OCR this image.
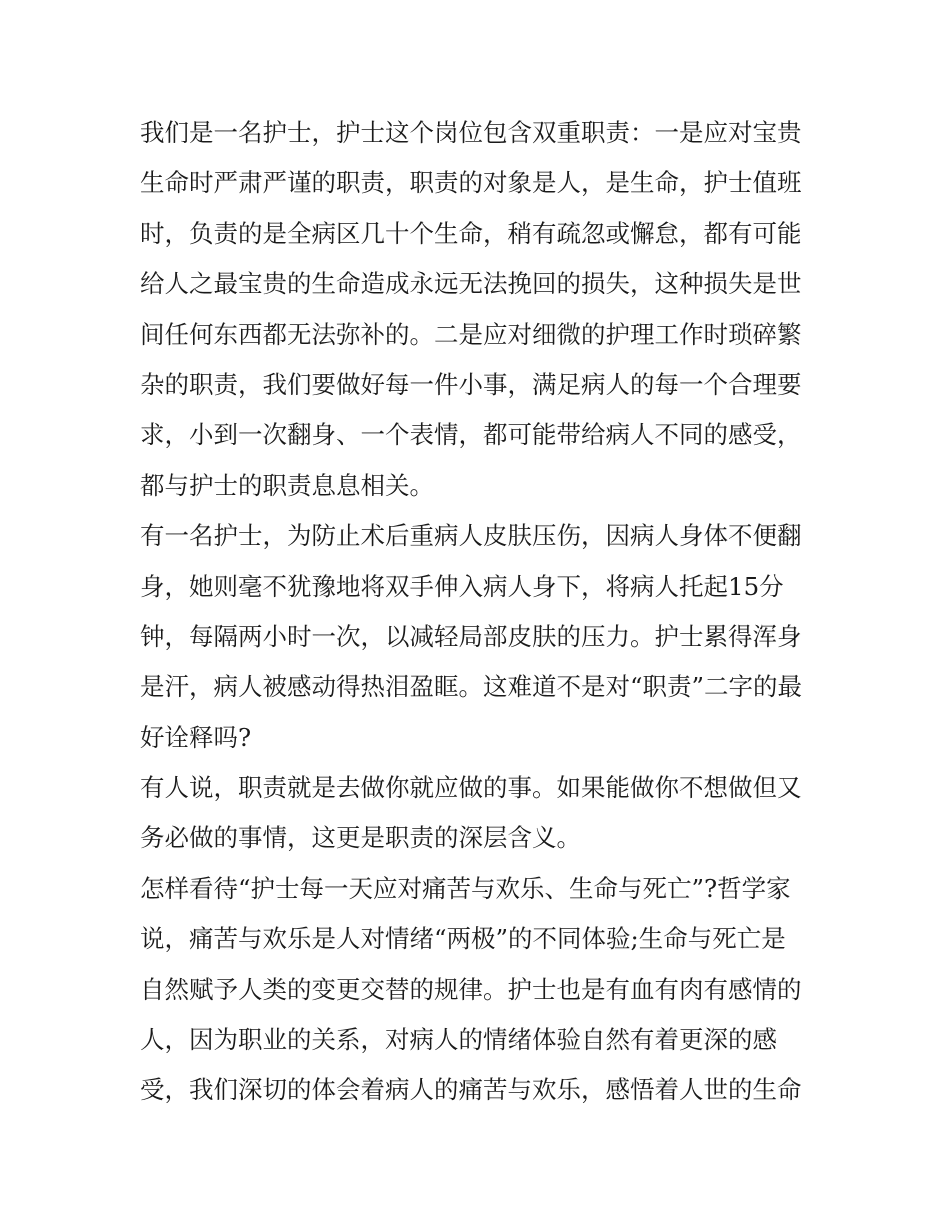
我们是一名护士，护士这个岗位包含双重职责：一是应对宝贵
生命时严肃严谨的职责，职责的对象是人，是生命，护士值班
时，负责的是全病区几十个生命，稍有疏忽或懈怠，都有可能
给人之最宝贵的生命造成永远无法挽回的损失，这种损失是世
间任何东西都无法弥补的。二是应对细微的护理工作时琐碎繁
杂的职责，我们要做好每一件小事，满足病人的每一个合理要
求，小到一次翻身、一个表情，都可能带给病人不同的感受，
都与护士的职责息息相关。
有一名护士，为防止术后重病人皮肤压伤，因病人身体不便翻
身，她则毫不犹豫地将双手伸入病人身下，将病人托起15分
钟，每隔两小时一次，以减轻局部皮肤的压力。护士累得浑身
是汗，病人被感动得热泪盈眶。这难道不是对“职责”二字的最
好诠释吗?
有人说，职责就是去做你就应做的事。如果能做你不想做但又
务必做的事情，这更是职责的深层含义。
怎样看待“护士每一天应对痛苦与欢乐、生命与死亡”?哲学家
说，痛苦与欢乐是人对情绪“两极”的不同体验;生命与死亡是
自然赋予人类的变更交替的规律。护士也是有血有肉有感情的
人，因为职业的关系，对病人的情绪体验自然有着更深的感
受，我们深切的体会着病人的痛苦与欢乐，感悟着人世的生命
